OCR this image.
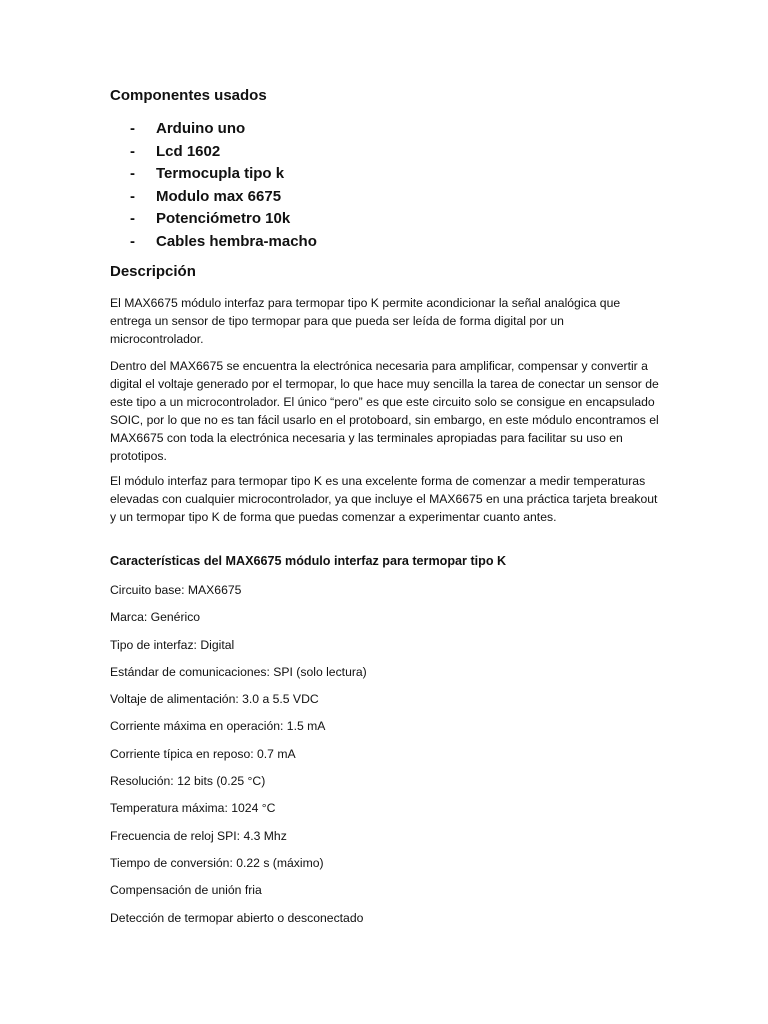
Componentes usados
- Arduino uno
- Lcd 1602
- Termocupla tipo k
- Modulo max 6675
- Potenciómetro 10k
- Cables hembra-macho
Descripción

El MAX6675 módulo interfaz para termopar tipo K permite acondicionar la señal analógica que entrega un sensor de tipo termopar para que pueda ser leída de forma digital por un microcontrolador.

Dentro del MAX6675 se encuentra la electrónica necesaria para amplificar, compensar y convertir a digital el voltaje generado por el termopar, lo que hace muy sencilla la tarea de conectar un sensor de este tipo a un microcontrolador. El único “pero” es que este circuito solo se consigue en encapsulado SOIC, por lo que no es tan fácil usarlo en el protoboard, sin embargo, en este módulo encontramos el MAX6675 con toda la electrónica necesaria y las terminales apropiadas para facilitar su uso en prototipos.

El módulo interfaz para termopar tipo K es una excelente forma de comenzar a medir temperaturas elevadas con cualquier microcontrolador, ya que incluye el MAX6675 en una práctica tarjeta breakout y un termopar tipo K de forma que puedas comenzar a experimentar cuanto antes.

Características del MAX6675 módulo interfaz para termopar tipo K
Circuito base: MAX6675
Marca: Genérico
Tipo de interfaz: Digital
Estándar de comunicaciones: SPI (solo lectura)
Voltaje de alimentación: 3.0 a 5.5 VDC
Corriente máxima en operación: 1.5 mA
Corriente típica en reposo: 0.7 mA
Resolución: 12 bits (0.25 °C)
Temperatura máxima: 1024 °C
Frecuencia de reloj SPI: 4.3 Mhz
Tiempo de conversión: 0.22 s (máximo)
Compensación de unión fria
Detección de termopar abierto o desconectado
